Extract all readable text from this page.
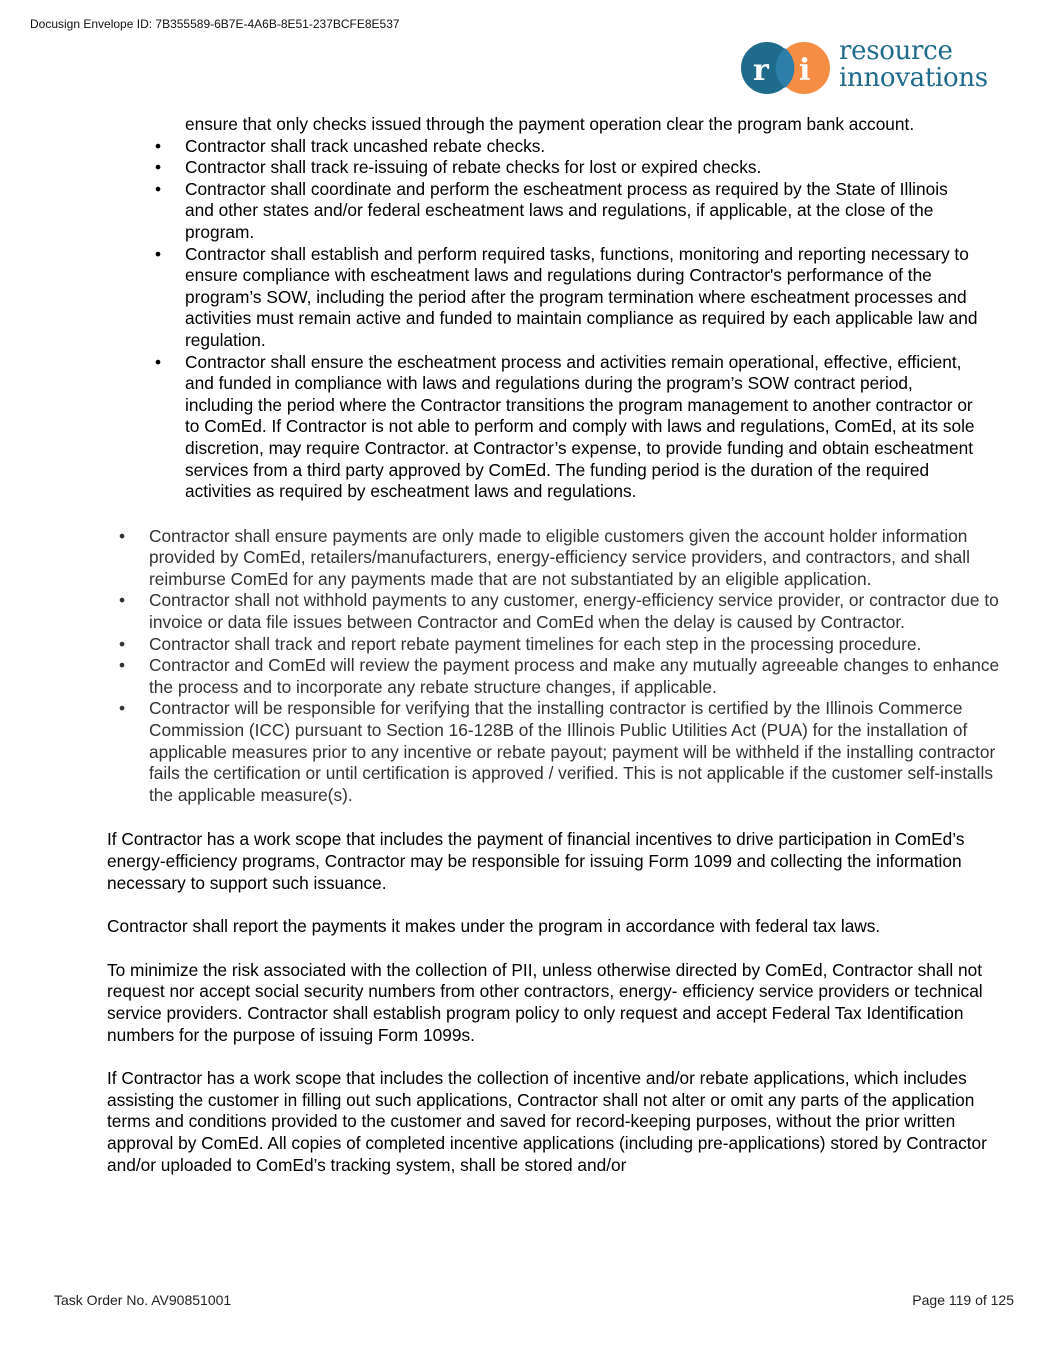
Docusign Envelope ID: 7B355589-6B7E-4A6B-8E51-237BCFE8E537
r i
resource
innovations
ensure that only checks issued through the payment operation clear the program bank account.
• Contractor shall track uncashed rebate checks.
• Contractor shall track re-issuing of rebate checks for lost or expired checks.
• Contractor shall coordinate and perform the escheatment process as required by the State of Illinois and other states and/or federal escheatment laws and regulations, if applicable, at the close of the program.
• Contractor shall establish and perform required tasks, functions, monitoring and reporting necessary to ensure compliance with escheatment laws and regulations during Contractor's performance of the program’s SOW, including the period after the program termination where escheatment processes and activities must remain active and funded to maintain compliance as required by each applicable law and regulation.
• Contractor shall ensure the escheatment process and activities remain operational, effective, efficient, and funded in compliance with laws and regulations during the program’s SOW contract period, including the period where the Contractor transitions the program management to another contractor or to ComEd. If Contractor is not able to perform and comply with laws and regulations, ComEd, at its sole discretion, may require Contractor. at Contractor’s expense, to provide funding and obtain escheatment services from a third party approved by ComEd. The funding period is the duration of the required activities as required by escheatment laws and regulations.
• Contractor shall ensure payments are only made to eligible customers given the account holder information provided by ComEd, retailers/manufacturers, energy-efficiency service providers, and contractors, and shall reimburse ComEd for any payments made that are not substantiated by an eligible application.
• Contractor shall not withhold payments to any customer, energy-efficiency service provider, or contractor due to invoice or data file issues between Contractor and ComEd when the delay is caused by Contractor.
• Contractor shall track and report rebate payment timelines for each step in the processing procedure.
• Contractor and ComEd will review the payment process and make any mutually agreeable changes to enhance the process and to incorporate any rebate structure changes, if applicable.
• Contractor will be responsible for verifying that the installing contractor is certified by the Illinois Commerce Commission (ICC) pursuant to Section 16-128B of the Illinois Public Utilities Act (PUA) for the installation of applicable measures prior to any incentive or rebate payout; payment will be withheld if the installing contractor fails the certification or until certification is approved / verified. This is not applicable if the customer self-installs the applicable measure(s).

If Contractor has a work scope that includes the payment of financial incentives to drive participation in ComEd’s energy-efficiency programs, Contractor may be responsible for issuing Form 1099 and collecting the information necessary to support such issuance.

Contractor shall report the payments it makes under the program in accordance with federal tax laws.

To minimize the risk associated with the collection of PII, unless otherwise directed by ComEd, Contractor shall not request nor accept social security numbers from other contractors, energy- efficiency service providers or technical service providers. Contractor shall establish program policy to only request and accept Federal Tax Identification numbers for the purpose of issuing Form 1099s.

If Contractor has a work scope that includes the collection of incentive and/or rebate applications, which includes assisting the customer in filling out such applications, Contractor shall not alter or omit any parts of the application terms and conditions provided to the customer and saved for record-keeping purposes, without the prior written approval by ComEd. All copies of completed incentive applications (including pre-applications) stored by Contractor and/or uploaded to ComEd’s tracking system, shall be stored and/or

Task Order No. AV90851001	Page 119 of 125
